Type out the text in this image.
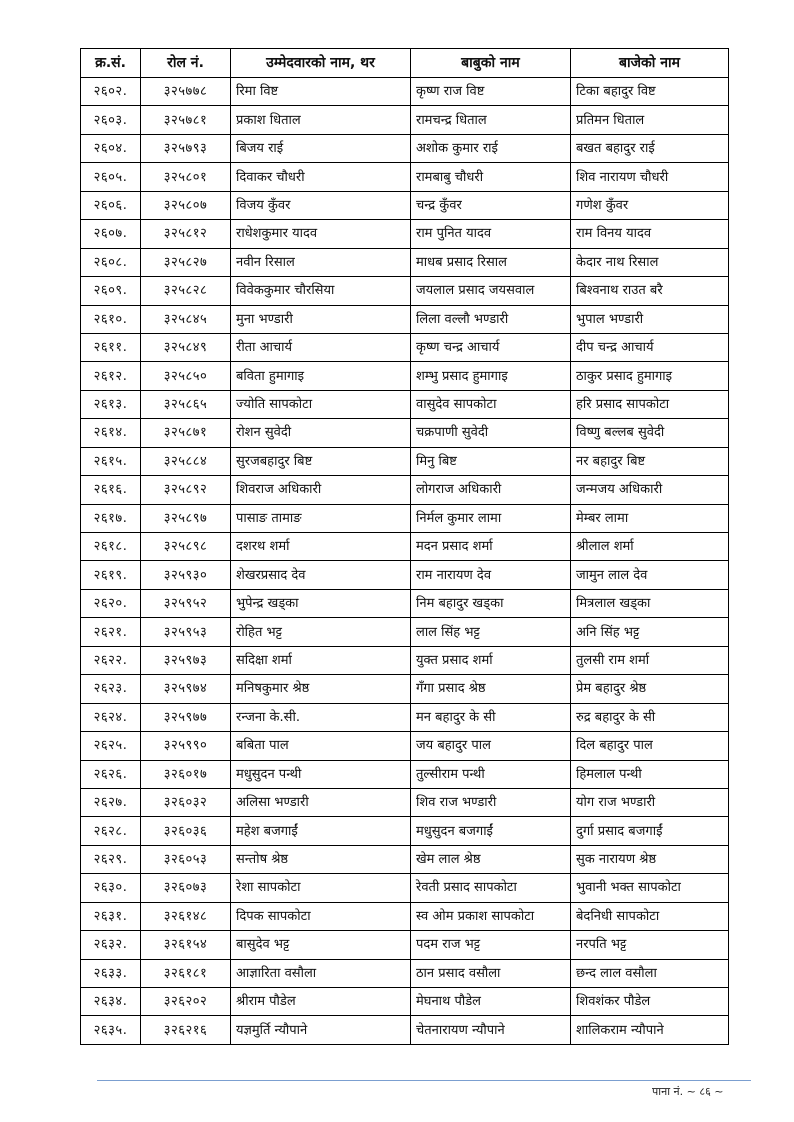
क्र.सं.	रोल नं.	उम्मेदवारको नाम, थर	बाबुको नाम	बाजेको नाम
२६०२.	३२५७७८	रिमा विष्ट	कृष्ण राज विष्ट	टिका बहादुर विष्ट
२६०३.	३२५७८१	प्रकाश धिताल	रामचन्द्र धिताल	प्रतिमन धिताल
२६०४.	३२५७९३	बिजय राई	अशोक कुमार राई	बखत बहादुर राई
२६०५.	३२५८०१	दिवाकर चौधरी	रामबाबु चौधरी	शिव नारायण चौधरी
२६०६.	३२५८०७	विजय कुँवर	चन्द्र कुँवर	गणेश कुँवर
२६०७.	३२५८१२	राधेशकुमार यादव	राम पुनित यादव	राम विनय यादव
२६०८.	३२५८२७	नवीन रिसाल	माधब प्रसाद रिसाल	केदार नाथ रिसाल
२६०९.	३२५८२८	विवेककुमार चौरसिया	जयलाल प्रसाद जयसवाल	बिश्वनाथ राउत बरै
२६१०.	३२५८४५	मुना भण्डारी	लिला वल्लौ भण्डारी	भुपाल भण्डारी
२६११.	३२५८४९	रीता आचार्य	कृष्ण चन्द्र आचार्य	दीप चन्द्र आचार्य
२६१२.	३२५८५०	बविता हुमागाइ	शम्भु प्रसाद हुमागाइ	ठाकुर प्रसाद हुमागाइ
२६१३.	३२५८६५	ज्योति सापकोटा	वासुदेव सापकोटा	हरि प्रसाद सापकोटा
२६१४.	३२५८७१	रोशन सुवेदी	चक्रपाणी सुवेदी	विष्णु बल्लब सुवेदी
२६१५.	३२५८८४	सुरजबहादुर बिष्ट	मिनु बिष्ट	नर बहादुर बिष्ट
२६१६.	३२५८९२	शिवराज अधिकारी	लोगराज अधिकारी	जन्मजय अधिकारी
२६१७.	३२५८९७	पासाङ तामाङ	निर्मल कुमार लामा	मेम्बर लामा
२६१८.	३२५८९८	दशरथ शर्मा	मदन प्रसाद शर्मा	श्रीलाल शर्मा
२६१९.	३२५९३०	शेखरप्रसाद देव	राम नारायण देव	जामुन लाल देव
२६२०.	३२५९५२	भुपेन्द्र खड्का	निम बहादुर खड्का	मित्रलाल खड्का
२६२१.	३२५९५३	रोहित भट्ट	लाल सिंह भट्ट	अनि सिंह भट्ट
२६२२.	३२५९७३	सदिक्षा शर्मा	युक्त प्रसाद शर्मा	तुलसी राम शर्मा
२६२३.	३२५९७४	मनिषकुमार श्रेष्ठ	गँगा प्रसाद श्रेष्ठ	प्रेम बहादुर श्रेष्ठ
२६२४.	३२५९७७	रन्जना के.सी.	मन बहादुर के सी	रुद्र बहादुर के सी
२६२५.	३२५९९०	बबिता पाल	जय बहादुर पाल	दिल बहादुर पाल
२६२६.	३२६०१७	मधुसुदन पन्थी	तुल्सीराम पन्थी	हिमलाल पन्थी
२६२७.	३२६०३२	अलिसा भण्डारी	शिव राज भण्डारी	योग राज भण्डारी
२६२८.	३२६०३६	महेश बजगाईं	मधुसुदन बजगाईं	दुर्गा प्रसाद बजगाईं
२६२९.	३२६०५३	सन्तोष श्रेष्ठ	खेम लाल श्रेष्ठ	सुक नारायण श्रेष्ठ
२६३०.	३२६०७३	रेशा सापकोटा	रेवती प्रसाद सापकोटा	भुवानी भक्त सापकोटा
२६३१.	३२६१४८	दिपक सापकोटा	स्व ओम प्रकाश सापकोटा	बेदनिधी सापकोटा
२६३२.	३२६१५४	बासुदेव भट्ट	पदम राज भट्ट	नरपति भट्ट
२६३३.	३२६१८१	आज्ञारिता वसौला	ठान प्रसाद वसौला	छन्द लाल वसौला
२६३४.	३२६२०२	श्रीराम पौडेल	मेघनाथ पौडेल	शिवशंकर पौडेल
२६३५.	३२६२१६	यज्ञमुर्ति न्यौपाने	चेतनारायण न्यौपाने	शालिकराम न्यौपाने
पाना नं. ~ ८६ ~
